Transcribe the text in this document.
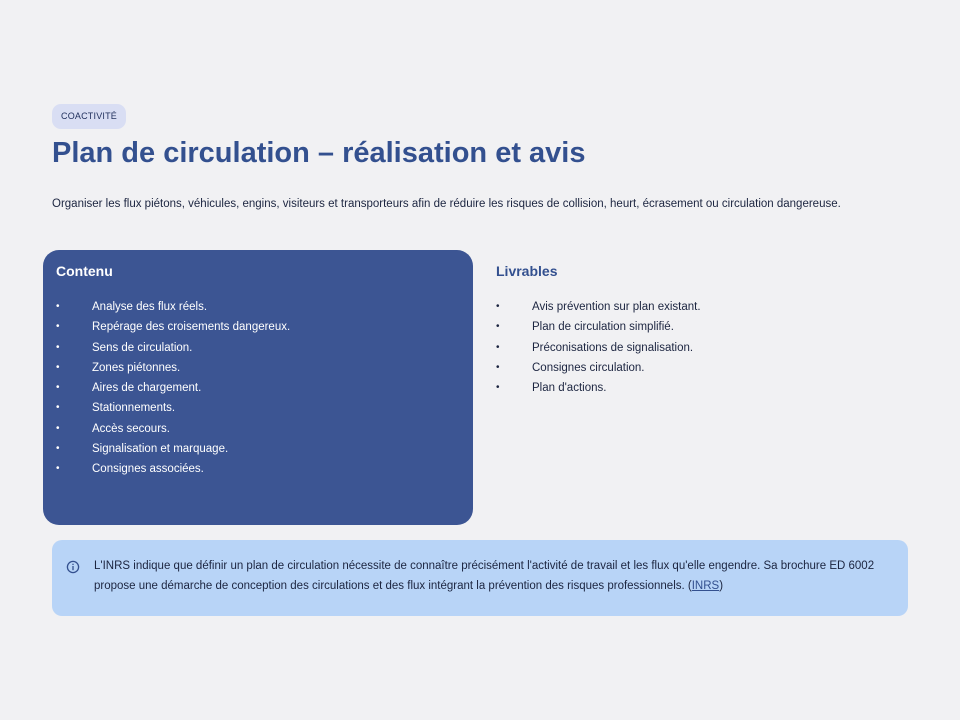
COACTIVITÉ
Plan de circulation – réalisation et avis

Organiser les flux piétons, véhicules, engins, visiteurs et transporteurs afin de réduire les risques de collision, heurt, écrasement ou circulation dangereuse.

Contenu
•	Analyse des flux réels.
•	Repérage des croisements dangereux.
•	Sens de circulation.
•	Zones piétonnes.
•	Aires de chargement.
•	Stationnements.
•	Accès secours.
•	Signalisation et marquage.
•	Consignes associées.
Livrables
•	Avis prévention sur plan existant.
•	Plan de circulation simplifié.
•	Préconisations de signalisation.
•	Consignes circulation.
•	Plan d'actions.

L'INRS indique que définir un plan de circulation nécessite de connaître précisément l'activité de travail et les flux qu'elle engendre. Sa brochure ED 6002 propose une démarche de conception des circulations et des flux intégrant la prévention des risques professionnels. (INRS)
